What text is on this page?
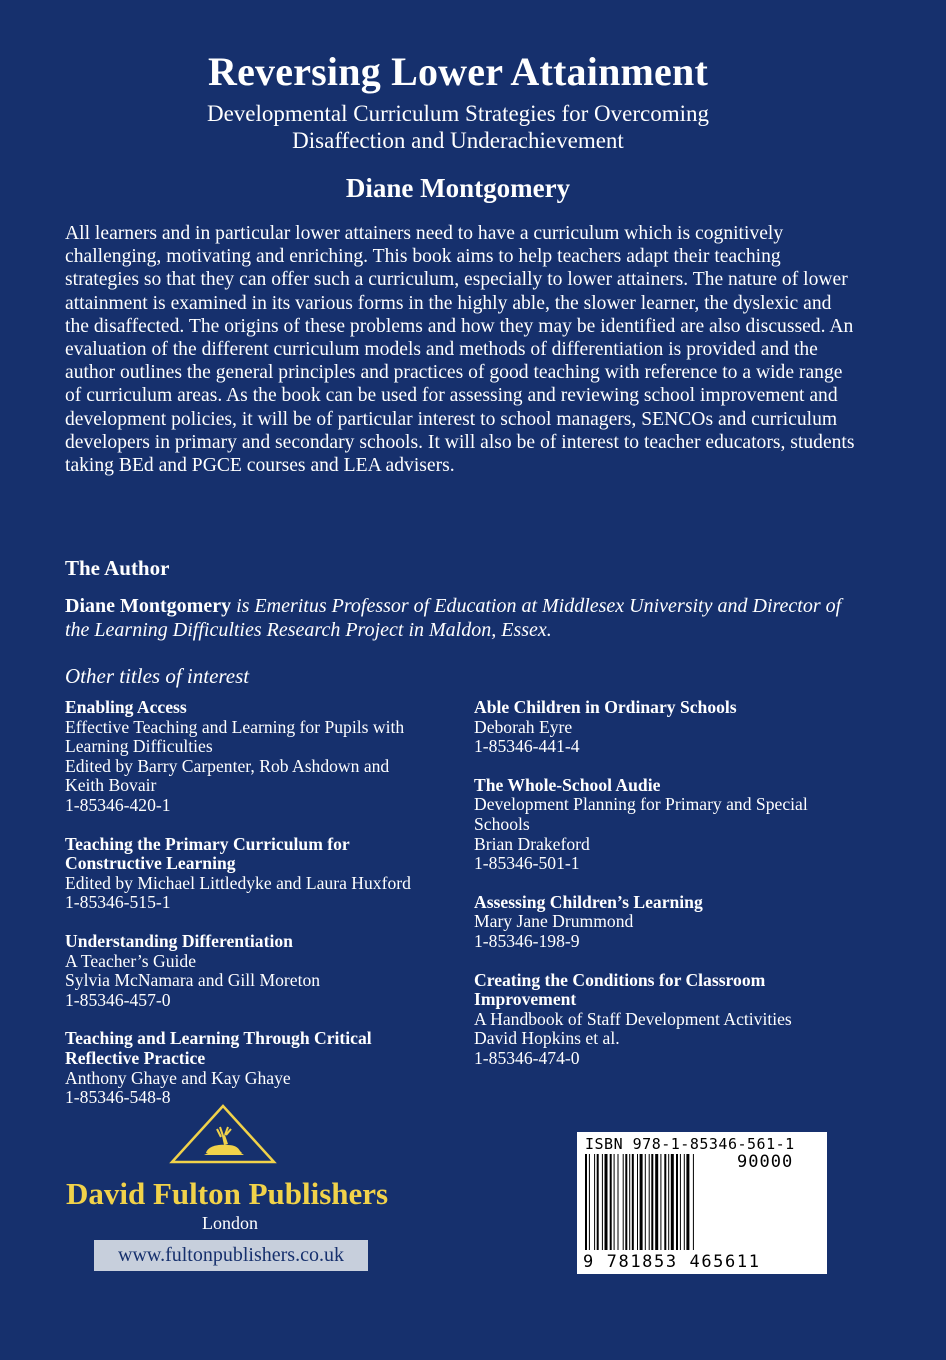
Reversing Lower Attainment
Developmental Curriculum Strategies for Overcoming
Disaffection and Underachievement
Diane Montgomery
All learners and in particular lower attainers need to have a curriculum which is cognitively challenging, motivating and enriching. This book aims to help teachers adapt their teaching strategies so that they can offer such a curriculum, especially to lower attainers. The nature of lower attainment is examined in its various forms in the highly able, the slower learner, the dyslexic and the disaffected. The origins of these problems and how they may be identified are also discussed. An evaluation of the different curriculum models and methods of differentiation is provided and the author outlines the general principles and practices of good teaching with reference to a wide range of curriculum areas. As the book can be used for assessing and reviewing school improvement and development policies, it will be of particular interest to school managers, SENCOs and curriculum developers in primary and secondary schools. It will also be of interest to teacher educators, students taking BEd and PGCE courses and LEA advisers.
The Author
Diane Montgomery is Emeritus Professor of Education at Middlesex University and Director of the Learning Difficulties Research Project in Maldon, Essex.
Other titles of interest
Enabling Access
Effective Teaching and Learning for Pupils with
Learning Difficulties
Edited by Barry Carpenter, Rob Ashdown and
Keith Bovair
1-85346-420-1
Teaching the Primary Curriculum for
Constructive Learning
Edited by Michael Littledyke and Laura Huxford
1-85346-515-1
Understanding Differentiation
A Teacher’s Guide
Sylvia McNamara and Gill Moreton
1-85346-457-0
Teaching and Learning Through Critical
Reflective Practice
Anthony Ghaye and Kay Ghaye
1-85346-548-8
Able Children in Ordinary Schools
Deborah Eyre
1-85346-441-4
The Whole-School Audie
Development Planning for Primary and Special
Schools
Brian Drakeford
1-85346-501-1
Assessing Children’s Learning
Mary Jane Drummond
1-85346-198-9
Creating the Conditions for Classroom
Improvement
A Handbook of Staff Development Activities
David Hopkins et al.
1-85346-474-0
David Fulton Publishers
London
www.fultonpublishers.co.uk
ISBN 978-1-85346-561-1
90000
9 781853 465611
